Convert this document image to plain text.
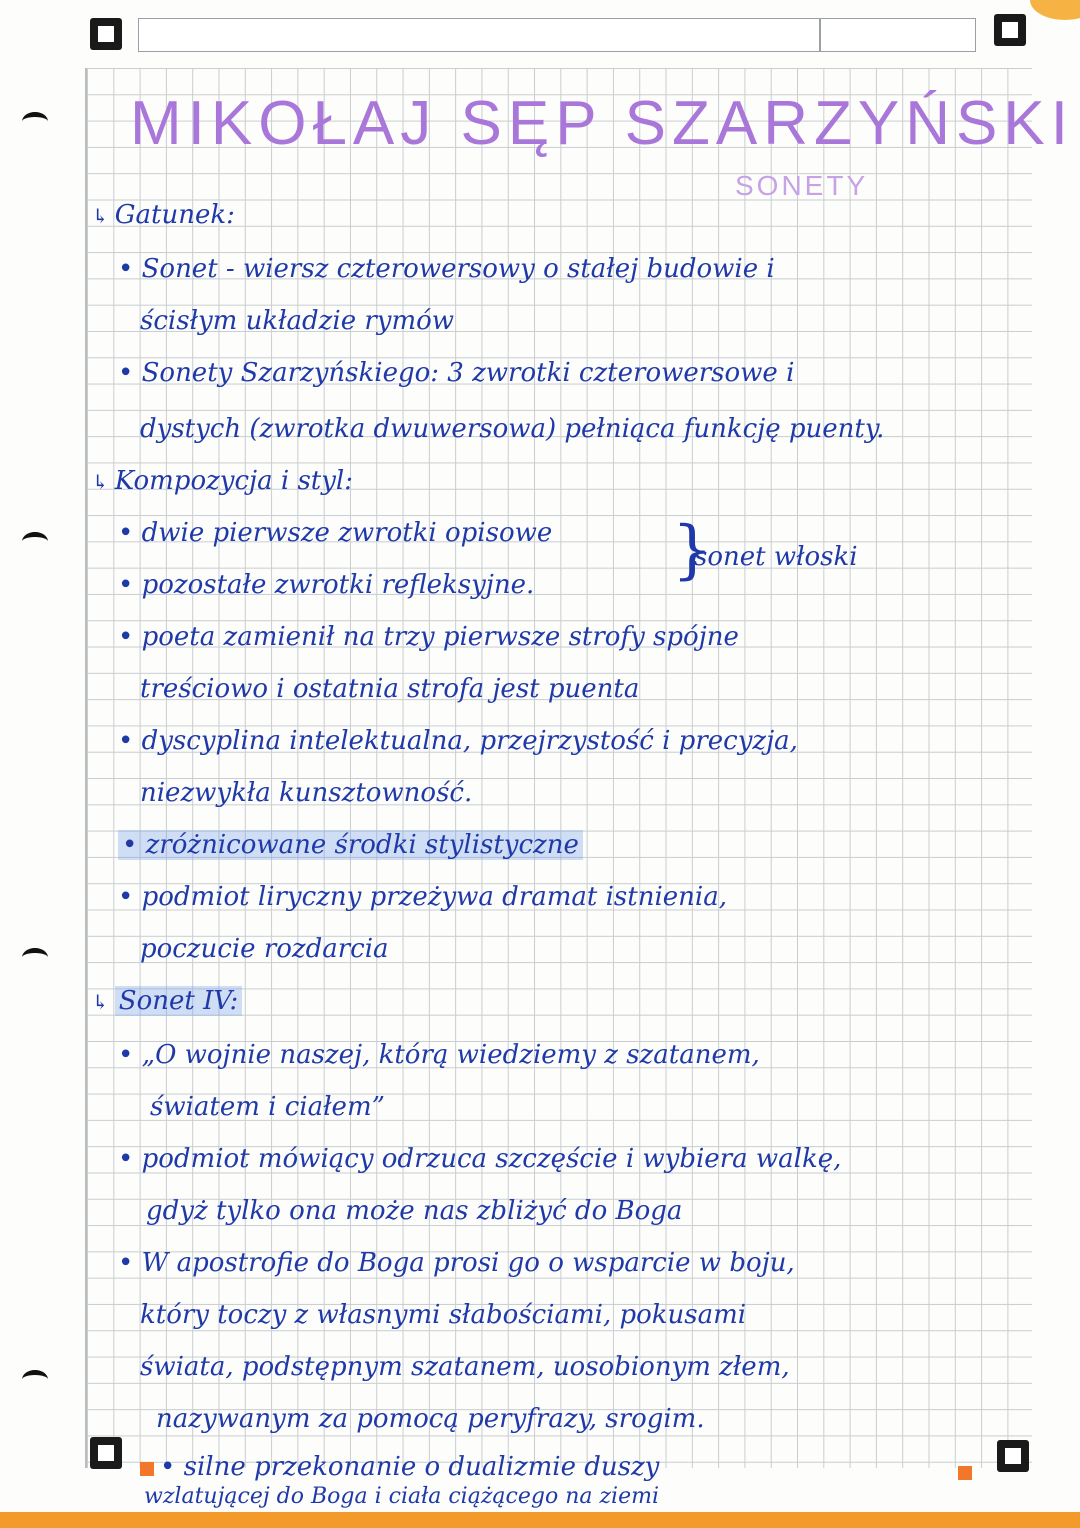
MIKOŁAJ SĘP SZARZYŃSKI
SONETY
↳ Gatunek:
• Sonet - wiersz czterowersowy o stałej budowie i
ścisłym układzie rymów
• Sonety Szarzyńskiego: 3 zwrotki czterowersowe i
dystych (zwrotka dwuwersowa) pełniąca funkcję puenty.
↳ Kompozycja i styl:
• dwie pierwsze zwrotki opisowe
• pozostałe zwrotki refleksyjne. }
sonet włoski
• poeta zamienił na trzy pierwsze strofy spójne
treściowo i ostatnia strofa jest puenta
• dyscyplina intelektualna, przejrzystość i precyzja,
niezwykła kunsztowność.
• zróżnicowane środki stylistyczne
• podmiot liryczny przeżywa dramat istnienia,
poczucie rozdarcia
↳ Sonet IV:
• „O wojnie naszej, którą wiedziemy z szatanem,
światem i ciałem”
• podmiot mówiący odrzuca szczęście i wybiera walkę,
gdyż tylko ona może nas zbliżyć do Boga
• W apostrofie do Boga prosi go o wsparcie w boju,
który toczy z własnymi słabościami, pokusami
świata, podstępnym szatanem, uosobionym złem,
nazywanym za pomocą peryfrazy, srogim.
• silne przekonanie o dualizmie duszy
wzlatującej do Boga i ciała ciążącego na ziemi
